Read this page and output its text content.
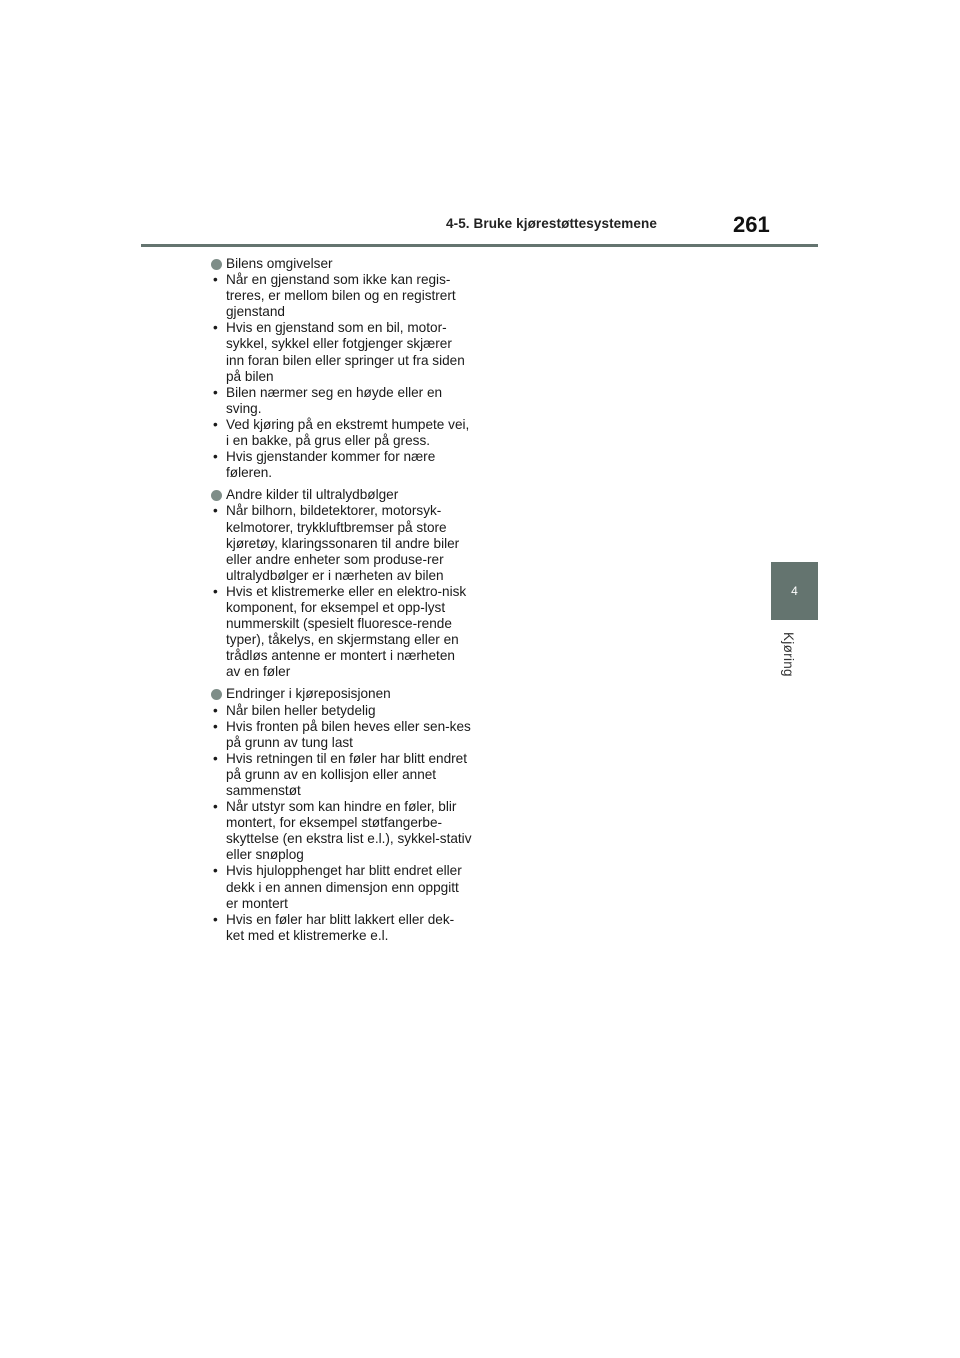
4-5. Bruke kjørestøttesystemene	261
4
Kjøring
Bilens omgivelser
• Når en gjenstand som ikke kan regis-treres, er mellom bilen og en registrert gjenstand
• Hvis en gjenstand som en bil, motor-sykkel, sykkel eller fotgjenger skjærer inn foran bilen eller springer ut fra siden på bilen
• Bilen nærmer seg en høyde eller en sving.
• Ved kjøring på en ekstremt humpete vei, i en bakke, på grus eller på gress.
• Hvis gjenstander kommer for nære føleren.
Andre kilder til ultralydbølger
• Når bilhorn, bildetektorer, motorsyk-kelmotorer, trykkluftbremser på store kjøretøy, klaringssonaren til andre biler eller andre enheter som produse-rer ultralydbølger er i nærheten av bilen
• Hvis et klistremerke eller en elektro-nisk komponent, for eksempel et opp-lyst nummerskilt (spesielt fluoresce-rende typer), tåkelys, en skjermstang eller en trådløs antenne er montert i nærheten av en føler
Endringer i kjøreposisjonen
• Når bilen heller betydelig
• Hvis fronten på bilen heves eller sen-kes på grunn av tung last
• Hvis retningen til en føler har blitt endret på grunn av en kollisjon eller annet sammenstøt
• Når utstyr som kan hindre en føler, blir montert, for eksempel støtfangerbe-skyttelse (en ekstra list e.l.), sykkel-stativ eller snøplog
• Hvis hjulopphenget har blitt endret eller dekk i en annen dimensjon enn oppgitt er montert
• Hvis en føler har blitt lakkert eller dek-ket med et klistremerke e.l.
